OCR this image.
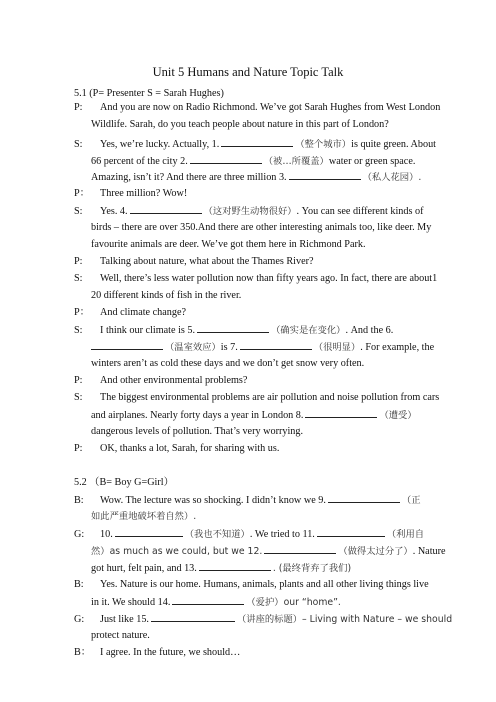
Unit 5 Humans and Nature Topic Talk
5.1 (P= Presenter S = Sarah Hughes)
P: And you are now on Radio Richmond. We’ve got Sarah Hughes from West London
Wildlife. Sarah, do you teach people about nature in this part of London?
S: Yes, we’re lucky. Actually, 1.	（整个城市）is quite green. About
66 percent of the city 2.	（被…所覆盖）water or green space.
Amazing, isn’t it? And there are three million 3.	（私人花园）.
P： Three million? Wow!
S: Yes. 4.	（这对野生动物很好）. You can see different kinds of
birds – there are over 350.And there are other interesting animals too, like deer. My
favourite animals are deer. We’ve got them here in Richmond Park.
P: Talking about nature, what about the Thames River?
S: Well, there’s less water pollution now than fifty years ago. In fact, there are about1
20 different kinds of fish in the river.
P： And climate change?
S: I think our climate is 5.	（确实是在变化）. And the 6.
（温室效应）is 7.	（很明显）. For example, the
winters aren’t as cold these days and we don’t get snow very often.
P: And other environmental problems?
S: The biggest environmental problems are air pollution and noise pollution from cars
and airplanes. Nearly forty days a year in London 8.	（遭受）
dangerous levels of pollution. That’s very worrying.
P: OK, thanks a lot, Sarah, for sharing with us.
5.2 （B= Boy G=Girl）
B: Wow. The lecture was so shocking. I didn’t know we 9.	（正
如此严重地破坏着自然）.
G: 10.	（我也不知道）. We tried to 11.	（利用自
然）as much as we could, but we 12.	（做得太过分了）. Nature
got hurt, felt pain, and 13.	. (最终背弃了我们)
B: Yes. Nature is our home. Humans, animals, plants and all other living things live
in it. We should 14.	（爱护）our “home”.
G: Just like 15.	（讲座的标题）– Living with Nature – we should
protect nature.
B： I agree. In the future, we should…
